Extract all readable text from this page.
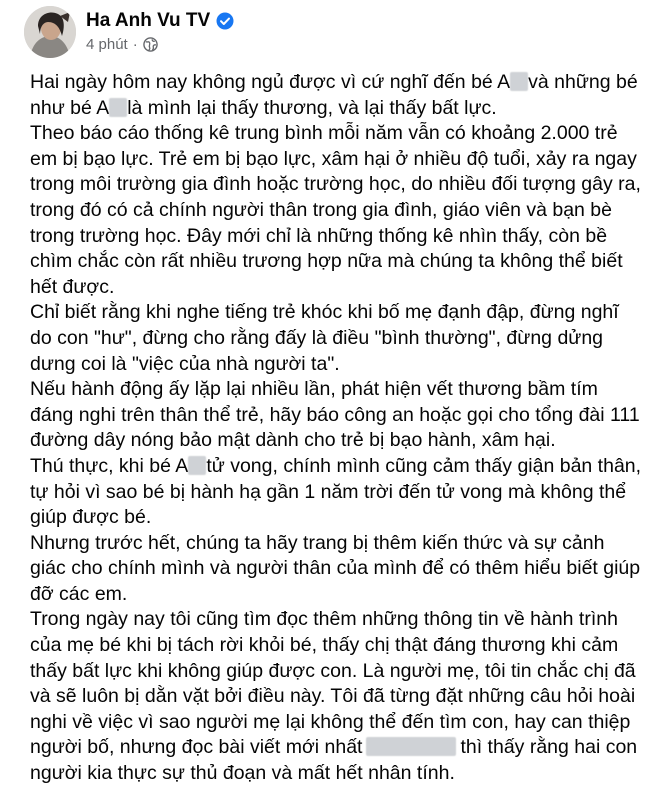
Ha Anh Vu TV
4 phút ·

Hai ngày hôm nay không ngủ được vì cứ nghĩ đến bé A và những bé như bé A là mình lại thấy thương, và lại thấy bất lực.

Theo báo cáo thống kê trung bình mỗi năm vẫn có khoảng 2.000 trẻ em bị bạo lực. Trẻ em bị bạo lực, xâm hại ở nhiều độ tuổi, xảy ra ngay trong môi trường gia đình hoặc trường học, do nhiều đối tượng gây ra, trong đó có cả chính người thân trong gia đình, giáo viên và bạn bè trong trường học. Đây mới chỉ là những thống kê nhìn thấy, còn bề chìm chắc còn rất nhiều trương hợp nữa mà chúng ta không thể biết hết được.

Chỉ biết rằng khi nghe tiếng trẻ khóc khi bố mẹ đạnh đập, đừng nghĩ do con "hư", đừng cho rằng đấy là điều "bình thường", đừng dửng dưng coi là "việc của nhà người ta".

Nếu hành động ấy lặp lại nhiều lần, phát hiện vết thương bầm tím đáng nghi trên thân thể trẻ, hãy báo công an hoặc gọi cho tổng đài 111 đường dây nóng bảo mật dành cho trẻ bị bạo hành, xâm hại.

Thú thực, khi bé A tử vong, chính mình cũng cảm thấy giận bản thân, tự hỏi vì sao bé bị hành hạ gần 1 năm trời đến tử vong mà không thể giúp được bé.

Nhưng trước hết, chúng ta hãy trang bị thêm kiến thức và sự cảnh giác cho chính mình và người thân của mình để có thêm hiểu biết giúp đỡ các em.

Trong ngày nay tôi cũng tìm đọc thêm những thông tin về hành trình của mẹ bé khi bị tách rời khỏi bé, thấy chị thật đáng thương khi cảm thấy bất lực khi không giúp được con. Là người mẹ, tôi tin chắc chị đã và sẽ luôn bị dằn vặt bởi điều này. Tôi đã từng đặt những câu hỏi hoài nghi về việc vì sao người mẹ lại không thể đến tìm con, hay can thiệp người bố, nhưng đọc bài viết mới nhất	thì thấy rằng hai con người kia thực sự thủ đoạn và mất hết nhân tính.
